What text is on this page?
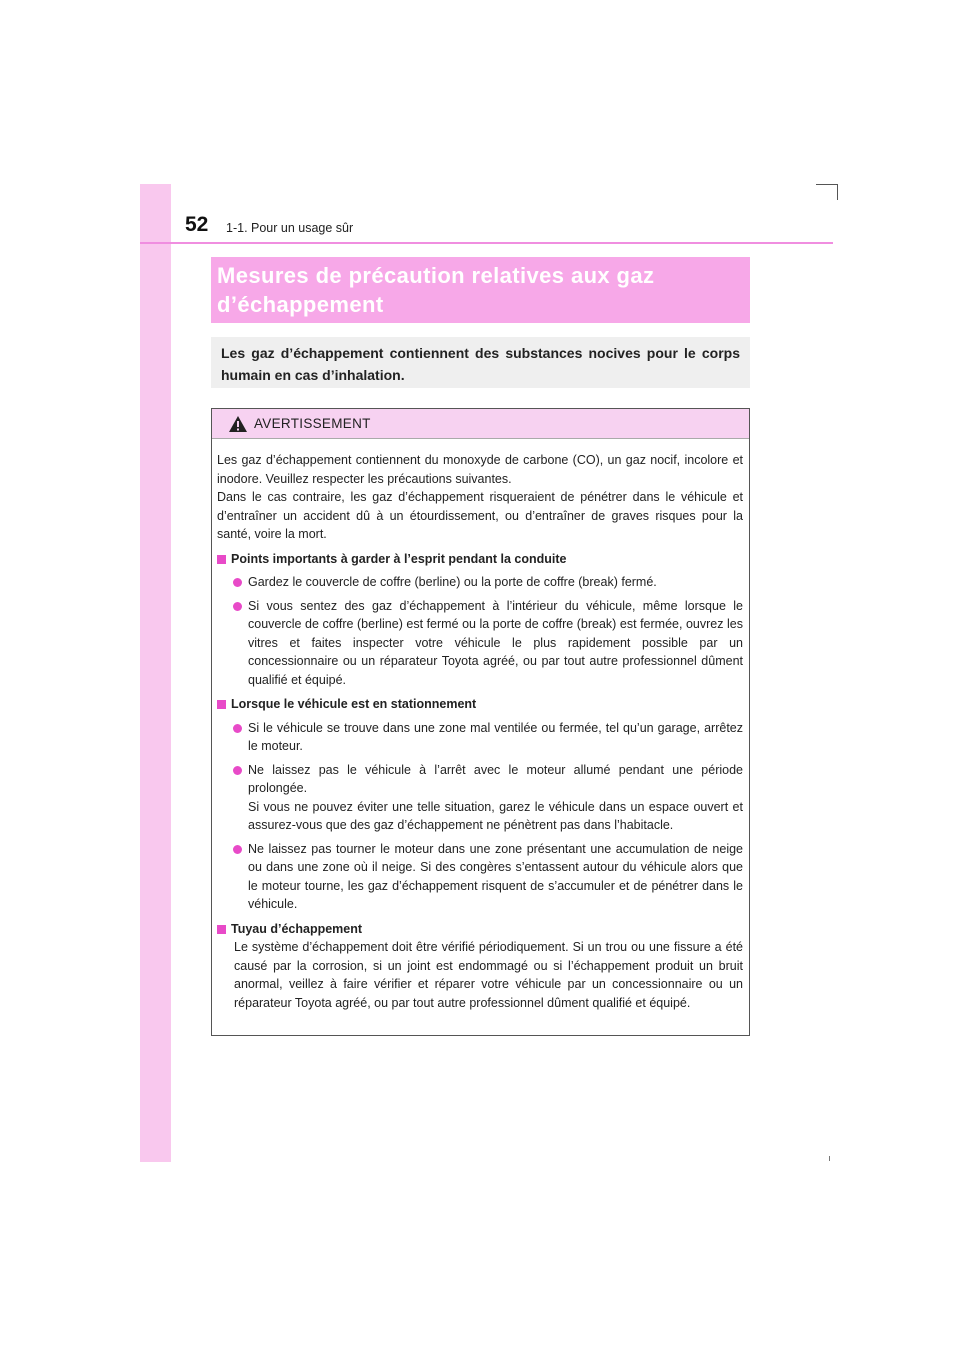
52 1-1. Pour un usage sûr
Mesures de précaution relatives aux gaz
d’échappement

Les gaz d’échappement contiennent des substances nocives pour le corps humain en cas d’inhalation.

AVERTISSEMENT

Les gaz d’échappement contiennent du monoxyde de carbone (CO), un gaz nocif, incolore et inodore. Veuillez respecter les précautions suivantes.

Dans le cas contraire, les gaz d’échappement risqueraient de pénétrer dans le véhicule et d’entraîner un accident dû à un étourdissement, ou d’entraîner de graves risques pour la santé, voire la mort.

Points importants à garder à l’esprit pendant la conduite
Gardez le couvercle de coffre (berline) ou la porte de coffre (break) fermé.
Si vous sentez des gaz d’échappement à l’intérieur du véhicule, même lorsque le couvercle de coffre (berline) est fermé ou la porte de coffre (break) est fermée, ouvrez les vitres et faites inspecter votre véhicule le plus rapidement possible par un concessionnaire ou un réparateur Toyota agréé, ou par tout autre professionnel dûment qualifié et équipé.
Lorsque le véhicule est en stationnement
Si le véhicule se trouve dans une zone mal ventilée ou fermée, tel qu’un garage, arrêtez le moteur.
Ne laissez pas le véhicule à l’arrêt avec le moteur allumé pendant une période prolongée.
Si vous ne pouvez éviter une telle situation, garez le véhicule dans un espace ouvert et assurez-vous que des gaz d’échappement ne pénètrent pas dans l’habitacle.
Ne laissez pas tourner le moteur dans une zone présentant une accumulation de neige ou dans une zone où il neige. Si des congères s’entassent autour du véhicule alors que le moteur tourne, les gaz d’échappement risquent de s’accumuler et de pénétrer dans le véhicule.
Tuyau d’échappement

Le système d’échappement doit être vérifié périodiquement. Si un trou ou une fissure a été causé par la corrosion, si un joint est endommagé ou si l’échappement produit un bruit anormal, veillez à faire vérifier et réparer votre véhicule par un concessionnaire ou un réparateur Toyota agréé, ou par tout autre professionnel dûment qualifié et équipé.
